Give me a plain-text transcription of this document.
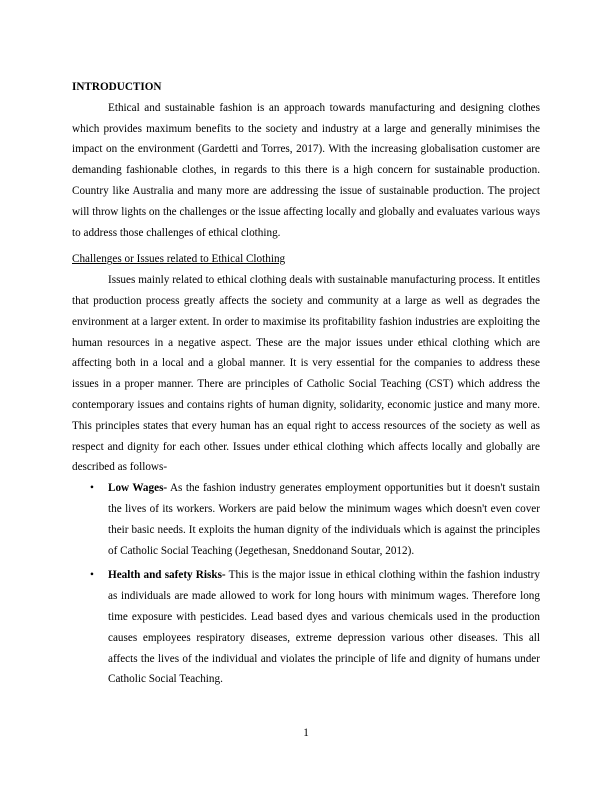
INTRODUCTION

Ethical and sustainable fashion is an approach towards manufacturing and designing clothes which provides maximum benefits to the society and industry at a large and generally minimises the impact on the environment (Gardetti and Torres, 2017). With the increasing globalisation customer are demanding fashionable clothes, in regards to this there is a high concern for sustainable production. Country like Australia and many more are addressing the issue of sustainable production. The project will throw lights on the challenges or the issue affecting locally and globally and evaluates various ways to address those challenges of ethical clothing.

Challenges or Issues related to Ethical Clothing

Issues mainly related to ethical clothing deals with sustainable manufacturing process. It entitles that production process greatly affects the society and community at a large as well as degrades the environment at a larger extent. In order to maximise its profitability fashion industries are exploiting the human resources in a negative aspect. These are the major issues under ethical clothing which are affecting both in a local and a global manner. It is very essential for the companies to address these issues in a proper manner. There are principles of Catholic Social Teaching (CST) which address the contemporary issues and contains rights of human dignity, solidarity, economic justice and many more. This principles states that every human has an equal right to access resources of the society as well as respect and dignity for each other. Issues under ethical clothing which affects locally and globally are described as follows-

• Low Wages- As the fashion industry generates employment opportunities but it doesn't sustain the lives of its workers. Workers are paid below the minimum wages which doesn't even cover their basic needs. It exploits the human dignity of the individuals which is against the principles of Catholic Social Teaching (Jegethesan, Sneddonand Soutar, 2012).
• Health and safety Risks- This is the major issue in ethical clothing within the fashion industry as individuals are made allowed to work for long hours with minimum wages. Therefore long time exposure with pesticides. Lead based dyes and various chemicals used in the production causes employees respiratory diseases, extreme depression various other diseases. This all affects the lives of the individual and violates the principle of life and dignity of humans under Catholic Social Teaching.
1
